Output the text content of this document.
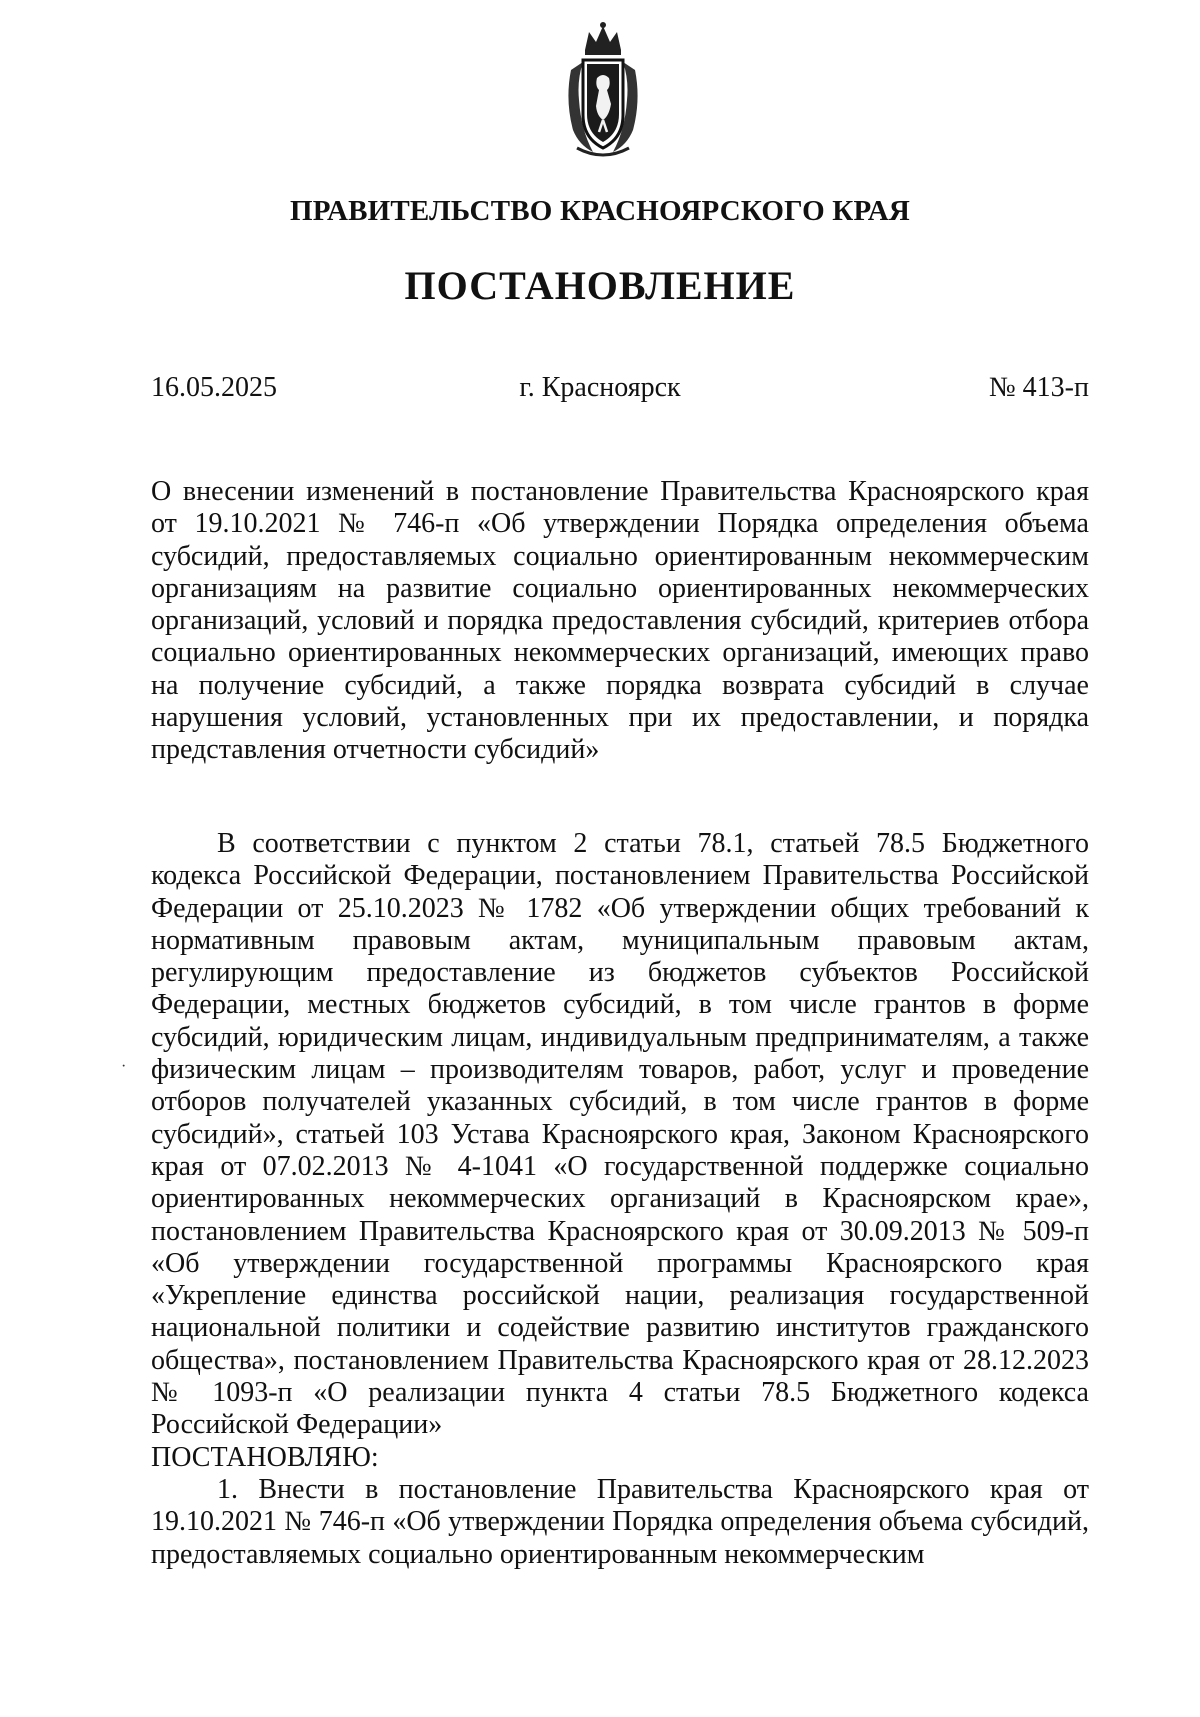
ПРАВИТЕЛЬСТВО КРАСНОЯРСКОГО КРАЯ
ПОСТАНОВЛЕНИЕ
16.05.2025	г. Красноярск	№ 413-п
О внесении изменений в постановление Правительства Красноярского края от 19.10.2021 № 746-п «Об утверждении Порядка определения объема субсидий, предоставляемых социально ориентированным некоммерческим организациям на развитие социально ориентированных некоммерческих организаций, условий и порядка предоставления субсидий, критериев отбора социально ориентированных некоммерческих организаций, имеющих право на получение субсидий, а также порядка возврата субсидий в случае нарушения условий, установленных при их предоставлении, и порядка представления отчетности субсидий»

В соответствии с пунктом 2 статьи 78.1, статьей 78.5 Бюджетного кодекса Российской Федерации, постановлением Правительства Российской Федерации от 25.10.2023 № 1782 «Об утверждении общих требований к нормативным правовым актам, муниципальным правовым актам, регулирующим предоставление из бюджетов субъектов Российской Федерации, местных бюджетов субсидий, в том числе грантов в форме субсидий, юридическим лицам, индивидуальным предпринимателям, а также физическим лицам – производителям товаров, работ, услуг и проведение отборов получателей указанных субсидий, в том числе грантов в форме субсидий», статьей 103 Устава Красноярского края, Законом Красноярского края от 07.02.2013 № 4-1041 «О государственной поддержке социально ориентированных некоммерческих организаций в Красноярском крае», постановлением Правительства Красноярского края от 30.09.2013 № 509-п «Об утверждении государственной программы Красноярского края «Укрепление единства российской нации, реализация государственной национальной политики и содействие развитию институтов гражданского общества», постановлением Правительства Красноярского края от 28.12.2023 № 1093-п «О реализации пункта 4 статьи 78.5 Бюджетного кодекса Российской Федерации»

ПОСТАНОВЛЯЮ:

1. Внести в постановление Правительства Красноярского края от 19.10.2021 № 746-п «Об утверждении Порядка определения объема субсидий, предоставляемых социально ориентированным некоммерческим

·
